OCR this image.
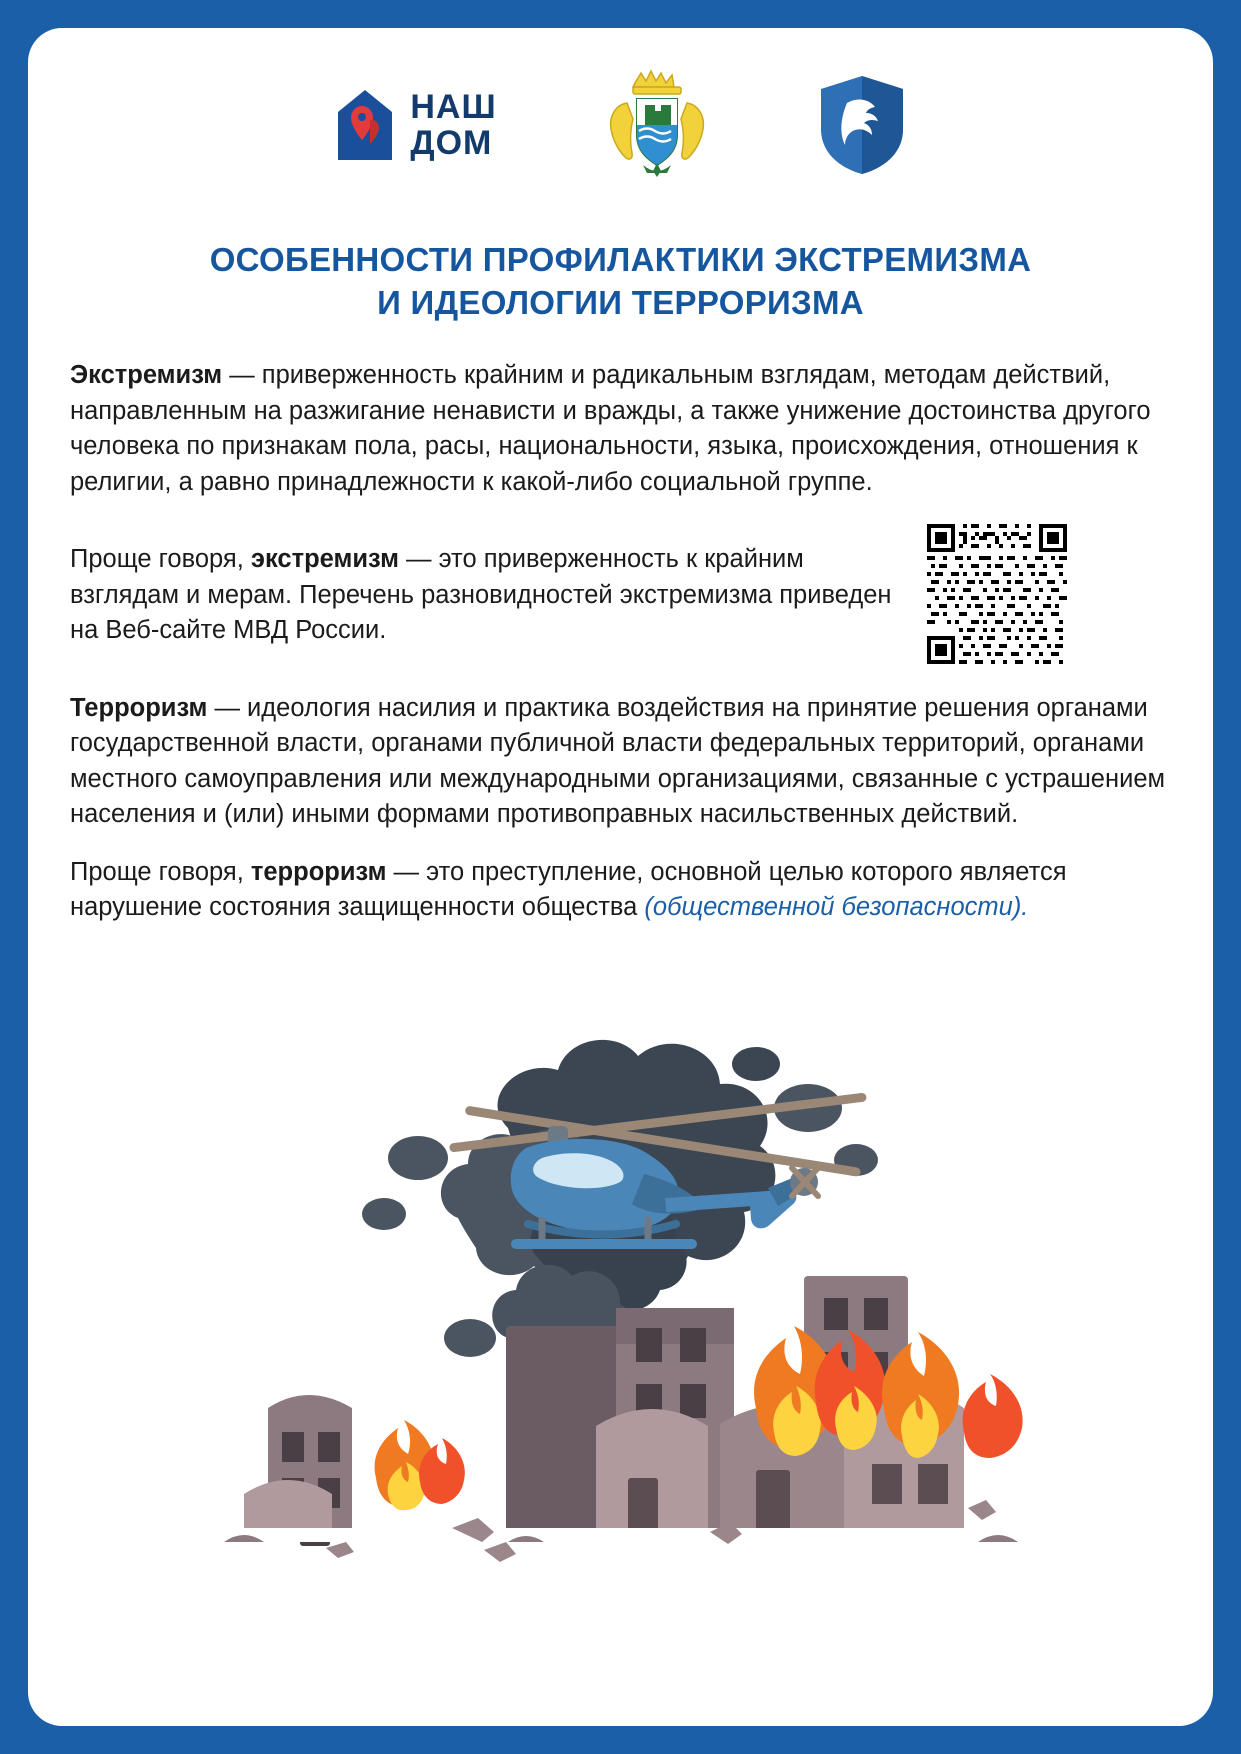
НАШ
ДОМ
ОСОБЕННОСТИ ПРОФИЛАКТИКИ ЭКСТРЕМИЗМА
И ИДЕОЛОГИИ ТЕРРОРИЗМА

Экстремизм — приверженность крайним и радикальным взглядам, методам действий, направленным на разжигание ненависти и вражды, а также унижение достоинства другого человека по признакам пола, расы, национальности, языка, происхождения, отношения к религии, а равно принадлежности к какой-либо социальной группе.

Проще говоря, экстремизм — это приверженность к крайним взглядам и мерам. Перечень разновидностей экстремизма приведен на Веб-сайте МВД России.

Терроризм — идеология насилия и практика воздействия на принятие решения органами государственной власти, органами публичной власти федеральных территорий, органами местного самоуправления или международными организациями, связанные с устрашением населения и (или) иными формами противоправных насильственных действий.

Проще говоря, терроризм — это преступление, основной целью которого является нарушение состояния защищенности общества (общественной безопасности).
